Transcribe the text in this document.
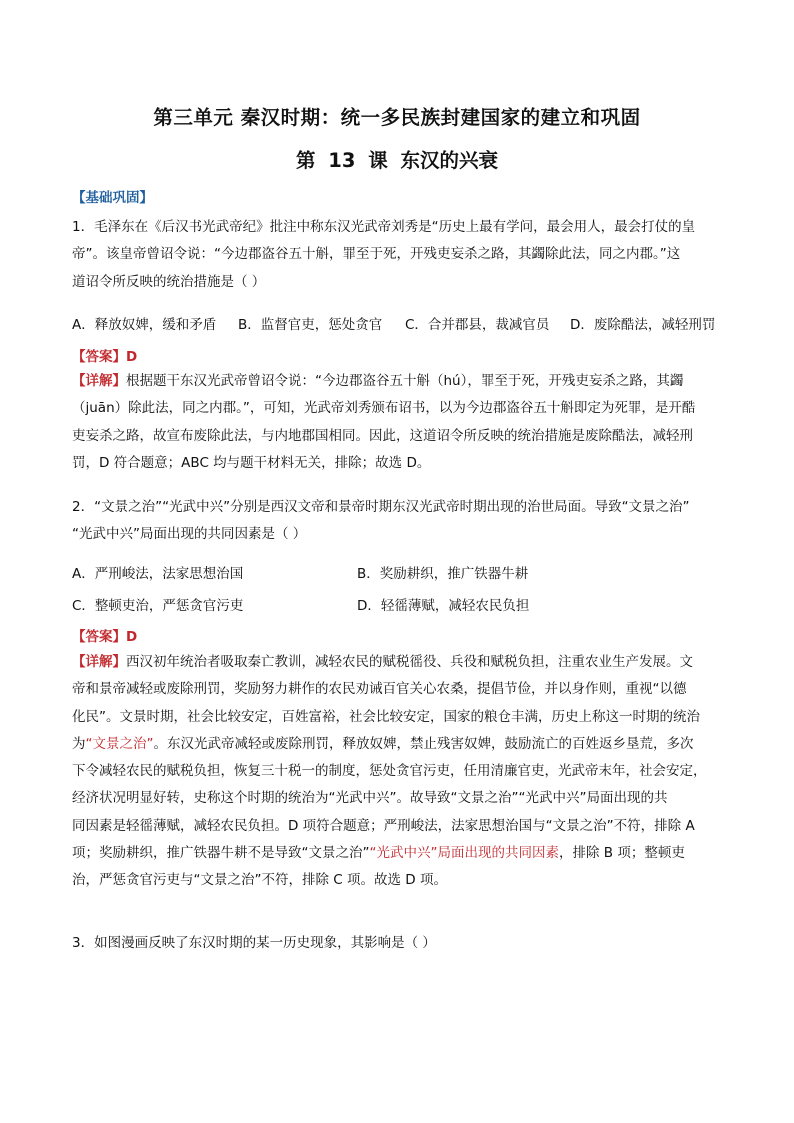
第三单元 秦汉时期：统一多民族封建国家的建立和巩固
第 13 课 东汉的兴衰
【基础巩固】
1．毛泽东在《后汉书光武帝纪》批注中称东汉光武帝刘秀是“历史上最有学问，最会用人，最会打仗的皇
帝”。该皇帝曾诏令说：“今边郡盗谷五十斛，罪至于死，开残吏妄杀之路，其蠲除此法，同之内郡。”这
道诏令所反映的统治措施是（ ）
A．释放奴婢，缓和矛盾 B．监督官吏，惩处贪官 C．合并郡县，裁减官员 D．废除酷法，减轻刑罚
【答案】D
【详解】根据题干东汉光武帝曾诏令说：“今边郡盗谷五十斛（hú），罪至于死，开残吏妄杀之路，其蠲
（juān）除此法，同之内郡。”，可知，光武帝刘秀颁布诏书，以为今边郡盗谷五十斛即定为死罪，是开酷
吏妄杀之路，故宣布废除此法，与内地郡国相同。因此，这道诏令所反映的统治措施是废除酷法，减轻刑
罚，D 符合题意；ABC 均与题干材料无关，排除；故选 D。
2．“文景之治”“光武中兴”分别是西汉文帝和景帝时期东汉光武帝时期出现的治世局面。导致“文景之治”
“光武中兴”局面出现的共同因素是（ ）
A．严刑峻法，法家思想治国	B．奖励耕织，推广铁器牛耕
C．整顿吏治，严惩贪官污吏	D．轻徭薄赋，减轻农民负担
【答案】D
【详解】西汉初年统治者吸取秦亡教训，减轻农民的赋税徭役、兵役和赋税负担，注重农业生产发展。文
帝和景帝减轻或废除刑罚，奖励努力耕作的农民劝诫百官关心农桑，提倡节俭，并以身作则，重视“以德
化民”。文景时期，社会比较安定，百姓富裕，社会比较安定，国家的粮仓丰满，历史上称这一时期的统治
为“文景之治”。东汉光武帝减轻或废除刑罚，释放奴婢，禁止残害奴婢，鼓励流亡的百姓返乡垦荒，多次
下令减轻农民的赋税负担，恢复三十税一的制度，惩处贪官污吏，任用清廉官吏，光武帝末年，社会安定，
经济状况明显好转，史称这个时期的统治为“光武中兴”。故导致“文景之治”“光武中兴”局面出现的共
同因素是轻徭薄赋，减轻农民负担。D 项符合题意；严刑峻法，法家思想治国与“文景之治”不符，排除 A
项；奖励耕织，推广铁器牛耕不是导致“文景之治”“光武中兴”局面出现的共同因素，排除 B 项；整顿吏
治，严惩贪官污吏与“文景之治”不符，排除 C 项。故选 D 项。
3．如图漫画反映了东汉时期的某一历史现象，其影响是（ ）
